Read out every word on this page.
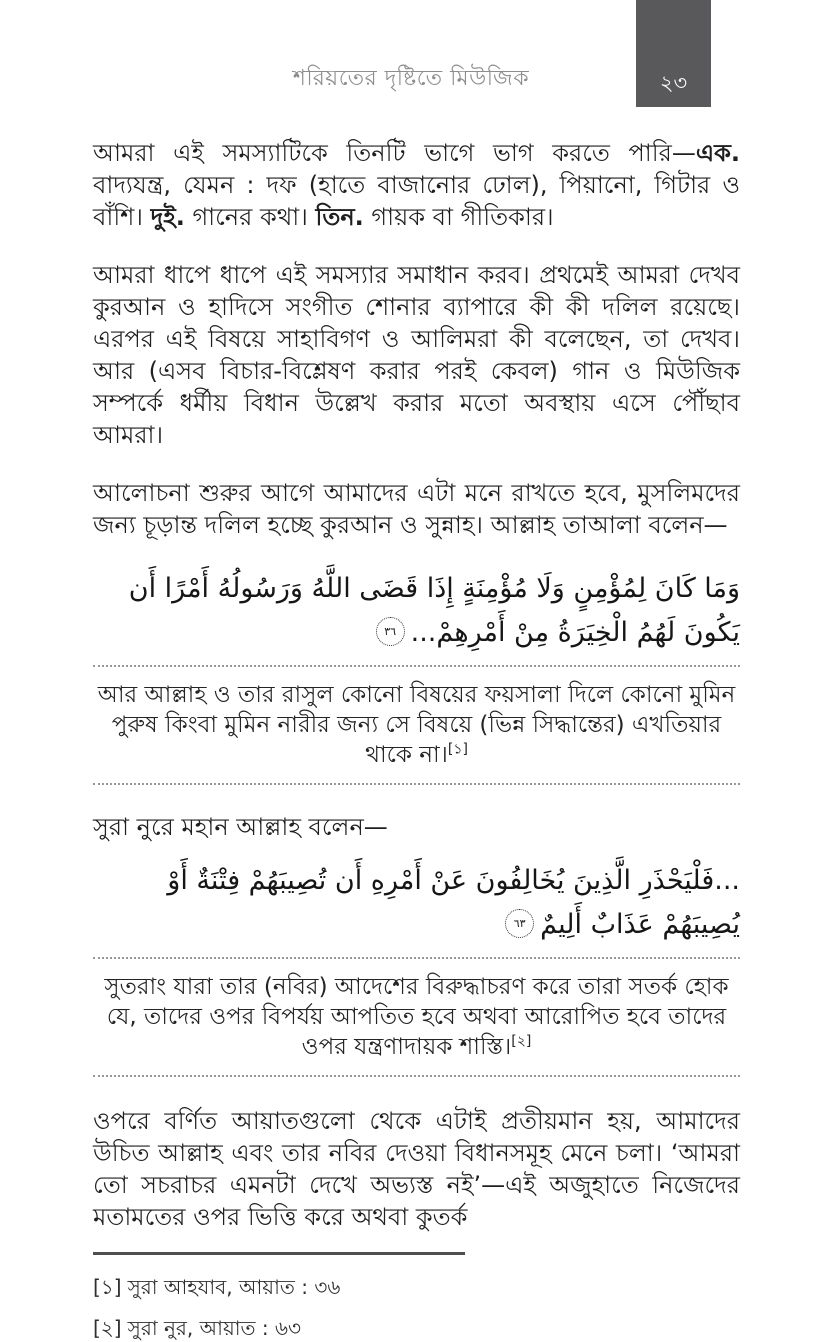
শরিয়তের দৃষ্টিতে মিউজিক	২৩

আমরা এই সমস্যাটিকে তিনটি ভাগে ভাগ করতে পারি—এক. বাদ্যযন্ত্র, যেমন : দফ (হাতে বাজানোর ঢোল), পিয়ানো, গিটার ও বাঁশি। দুই. গানের কথা। তিন. গায়ক বা গীতিকার।

আমরা ধাপে ধাপে এই সমস্যার সমাধান করব। প্রথমেই আমরা দেখব কুরআন ও হাদিসে সংগীত শোনার ব্যাপারে কী কী দলিল রয়েছে। এরপর এই বিষয়ে সাহাবিগণ ও আলিমরা কী বলেছেন, তা দেখব। আর (এসব বিচার-বিশ্লেষণ করার পরই কেবল) গান ও মিউজিক সম্পর্কে ধর্মীয় বিধান উল্লেখ করার মতো অবস্থায় এসে পৌঁছাব আমরা।

আলোচনা শুরুর আগে আমাদের এটা মনে রাখতে হবে, মুসলিমদের জন্য চূড়ান্ত দলিল হচ্ছে কুরআন ও সুন্নাহ। আল্লাহ তাআলা বলেন—

وَمَا كَانَ لِمُؤْمِنٍ وَلَا مُؤْمِنَةٍ إِذَا قَضَى اللَّهُ وَرَسُولُهُ أَمْرًا أَن يَكُونَ لَهُمُ الْخِيَرَةُ مِنْ أَمْرِهِمْ...٣٦
আর আল্লাহ ও তার রাসুল কোনো বিষয়ের ফয়সালা দিলে কোনো মুমিন পুরুষ কিংবা মুমিন নারীর জন্য সে বিষয়ে (ভিন্ন সিদ্ধান্তের) এখতিয়ার থাকে না।[১]

সুরা নুরে মহান আল্লাহ বলেন—

...فَلْيَحْذَرِ الَّذِينَ يُخَالِفُونَ عَنْ أَمْرِهِ أَن تُصِيبَهُمْ فِتْنَةٌ أَوْ يُصِيبَهُمْ عَذَابٌ أَلِيمٌ٦٣
সুতরাং যারা তার (নবির) আদেশের বিরুদ্ধাচরণ করে তারা সতর্ক হোক যে, তাদের ওপর বিপর্যয় আপতিত হবে অথবা আরোপিত হবে তাদের ওপর যন্ত্রণাদায়ক শাস্তি।[২]

ওপরে বর্ণিত আয়াতগুলো থেকে এটাই প্রতীয়মান হয়, আমাদের উচিত আল্লাহ এবং তার নবির দেওয়া বিধানসমূহ মেনে চলা। ‘আমরা তো সচরাচর এমনটা দেখে অভ্যস্ত নই’—এই অজুহাতে নিজেদের মতামতের ওপর ভিত্তি করে অথবা কুতর্ক

[১] সুরা আহযাব, আয়াত : ৩৬
[২] সুরা নুর, আয়াত : ৬৩
